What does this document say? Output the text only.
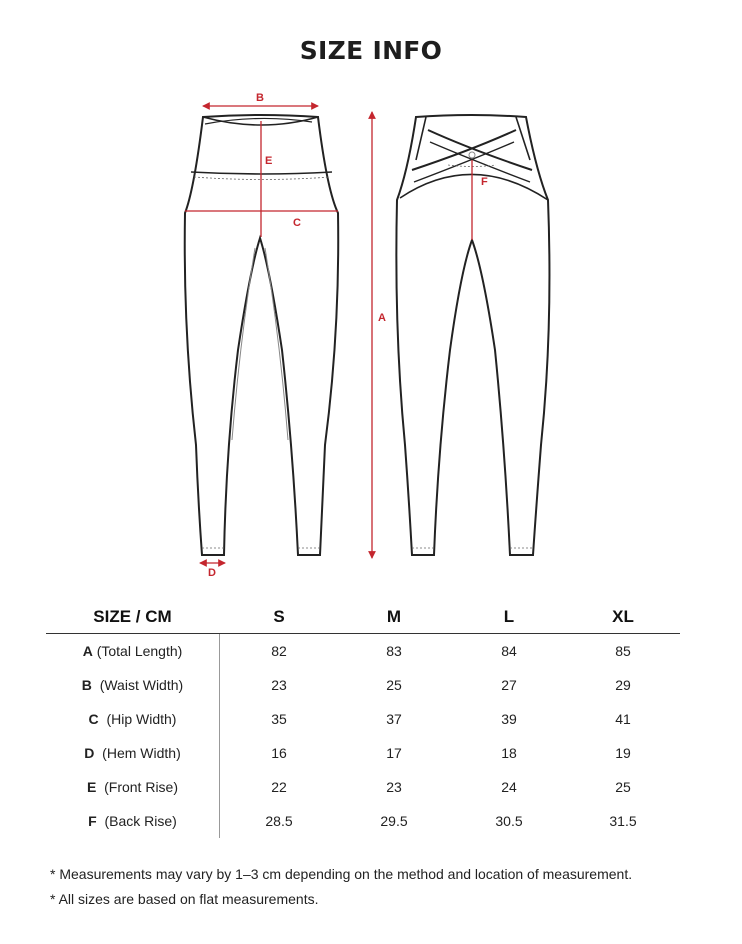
SIZE INFO
B
E
C
A
D
F
SIZE / CM	S	M	L	XL
A (Total Length)	82	83	84	85
B (Waist Width)	23	25	27	29
C (Hip Width)	35	37	39	41
D (Hem Width)	16	17	18	19
E (Front Rise)	22	23	24	25
F (Back Rise)	28.5	29.5	30.5	31.5
* Measurements may vary by 1–3 cm depending on the method and location of measurement.
* All sizes are based on flat measurements.
